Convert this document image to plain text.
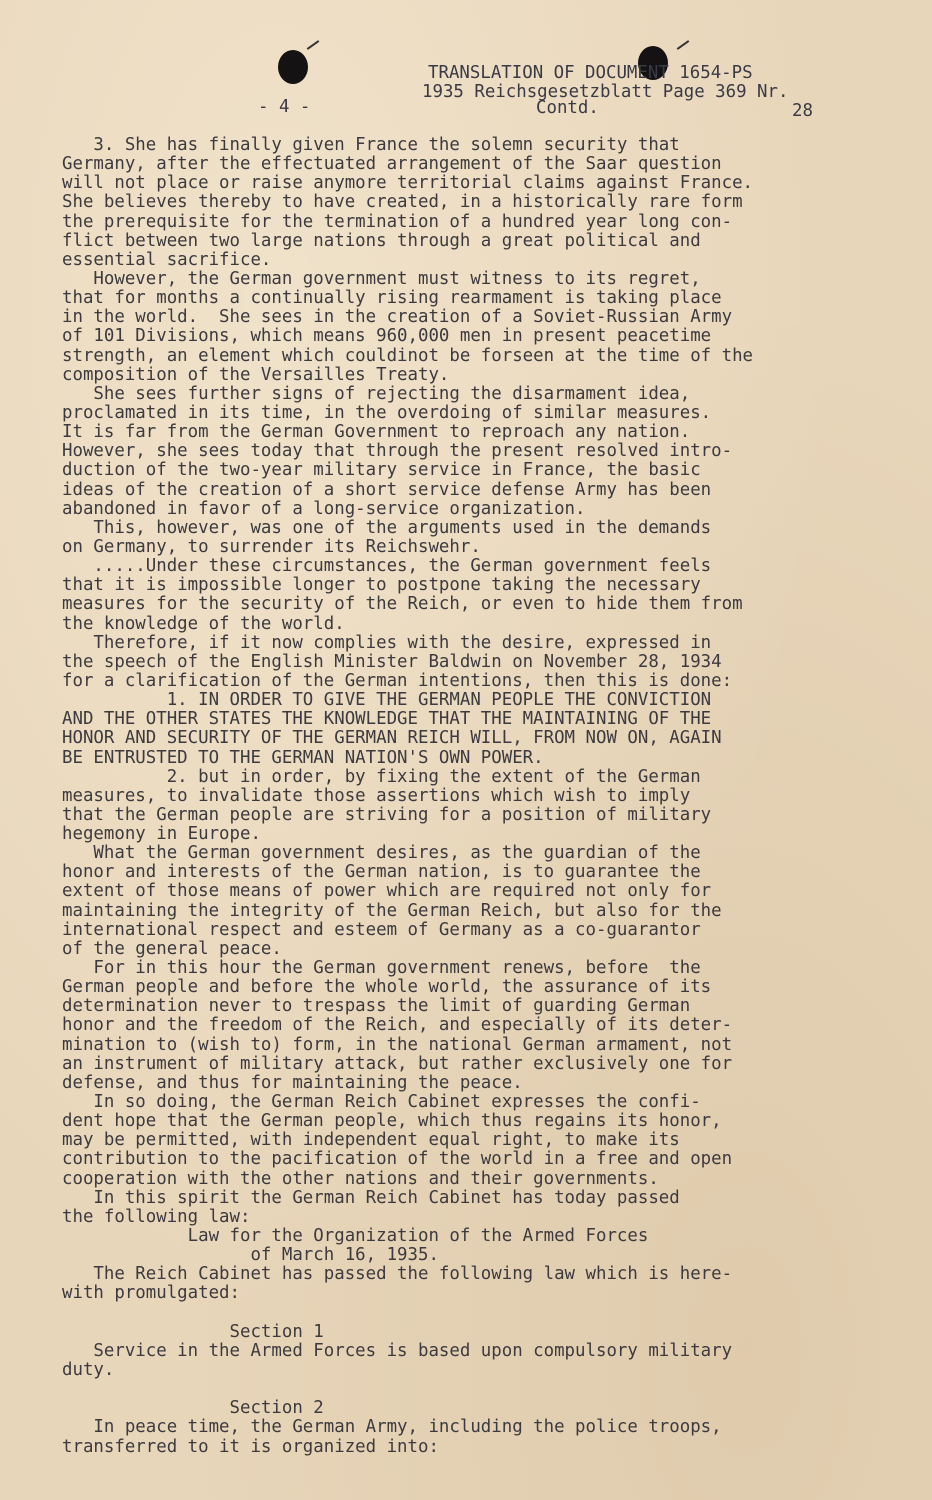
TRANSLATION OF DOCUMENT 1654-PS
1935 Reichsgesetzblatt Page 369 Nr.
- 4 -	Contd.	28
3. She has finally given France the solemn security that
Germany, after the effectuated arrangement of the Saar question
will not place or raise anymore territorial claims against France.
She believes thereby to have created, in a historically rare form
the prerequisite for the termination of a hundred year long con-
flict between two large nations through a great political and
essential sacrifice.
However, the German government must witness to its regret,
that for months a continually rising rearmament is taking place
in the world.  She sees in the creation of a Soviet-Russian Army
of 101 Divisions, which means 960,000 men in present peacetime
strength, an element which couldinot be forseen at the time of the
composition of the Versailles Treaty.
She sees further signs of rejecting the disarmament idea,
proclamated in its time, in the overdoing of similar measures.
It is far from the German Government to reproach any nation.
However, she sees today that through the present resolved intro-
duction of the two-year military service in France, the basic
ideas of the creation of a short service defense Army has been
abandoned in favor of a long-service organization.
This, however, was one of the arguments used in the demands
on Germany, to surrender its Reichswehr.
.....Under these circumstances, the German government feels
that it is impossible longer to postpone taking the necessary
measures for the security of the Reich, or even to hide them from
the knowledge of the world.
Therefore, if it now complies with the desire, expressed in
the speech of the English Minister Baldwin on November 28, 1934
for a clarification of the German intentions, then this is done:
1. IN ORDER TO GIVE THE GERMAN PEOPLE THE CONVICTION
AND THE OTHER STATES THE KNOWLEDGE THAT THE MAINTAINING OF THE
HONOR AND SECURITY OF THE GERMAN REICH WILL, FROM NOW ON, AGAIN
BE ENTRUSTED TO THE GERMAN NATION'S OWN POWER.
2. but in order, by fixing the extent of the German
measures, to invalidate those assertions which wish to imply
that the German people are striving for a position of military
hegemony in Europe.
What the German government desires, as the guardian of the
honor and interests of the German nation, is to guarantee the
extent of those means of power which are required not only for
maintaining the integrity of the German Reich, but also for the
international respect and esteem of Germany as a co-guarantor
of the general peace.
For in this hour the German government renews, before  the
German people and before the whole world, the assurance of its
determination never to trespass the limit of guarding German
honor and the freedom of the Reich, and especially of its deter-
mination to (wish to) form, in the national German armament, not
an instrument of military attack, but rather exclusively one for
defense, and thus for maintaining the peace.
In so doing, the German Reich Cabinet expresses the confi-
dent hope that the German people, which thus regains its honor,
may be permitted, with independent equal right, to make its
contribution to the pacification of the world in a free and open
cooperation with the other nations and their governments.
In this spirit the German Reich Cabinet has today passed
the following law:
Law for the Organization of the Armed Forces
of March 16, 1935.
The Reich Cabinet has passed the following law which is here-
with promulgated:
Section 1
Service in the Armed Forces is based upon compulsory military
duty.
Section 2
In peace time, the German Army, including the police troops,
transferred to it is organized into:
